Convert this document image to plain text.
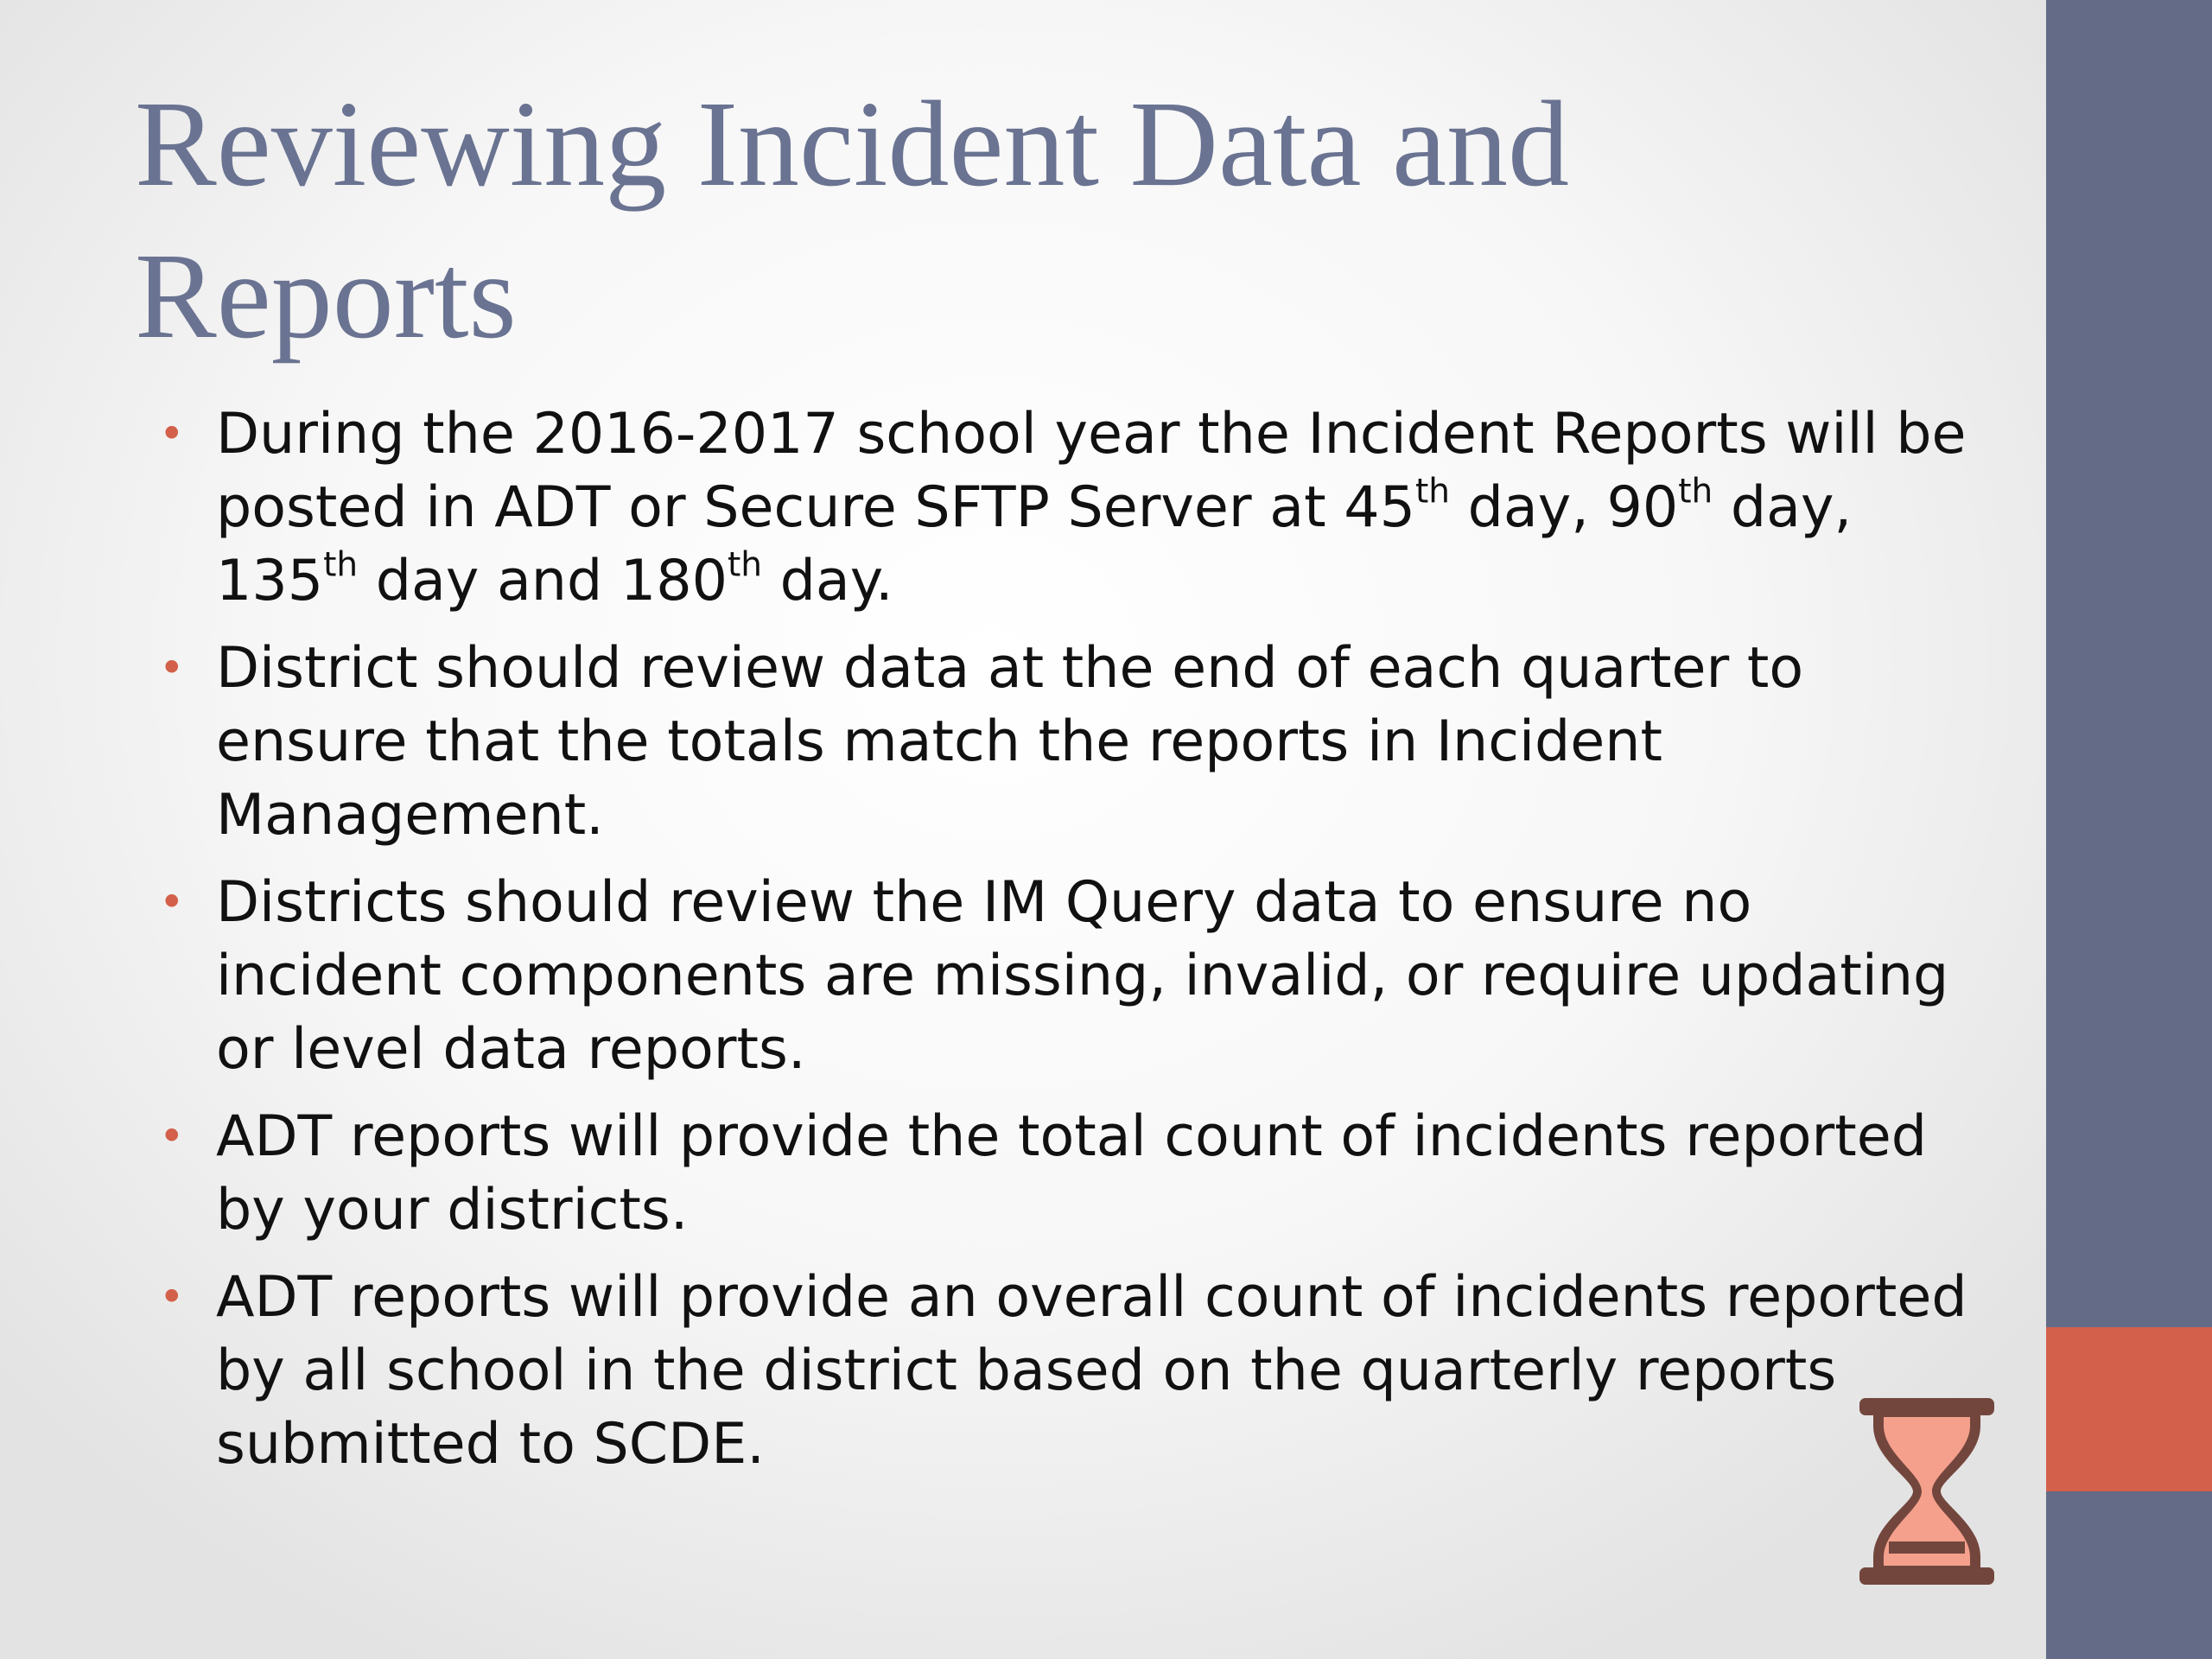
Reviewing Incident Data and Reports
• During the 2016-2017 school year the Incident Reports will be posted in ADT or Secure SFTP Server at 45th day, 90th day, 135th day and 180th day.
• District should review data at the end of each quarter to ensure that the totals match the reports in Incident Management.
• Districts should review the IM Query data to ensure no incident components are missing, invalid, or require updating or level data reports.
• ADT reports will provide the total count of incidents reported by your districts.
• ADT reports will provide an overall count of incidents reported by all school in the district based on the quarterly reports submitted to SCDE.
